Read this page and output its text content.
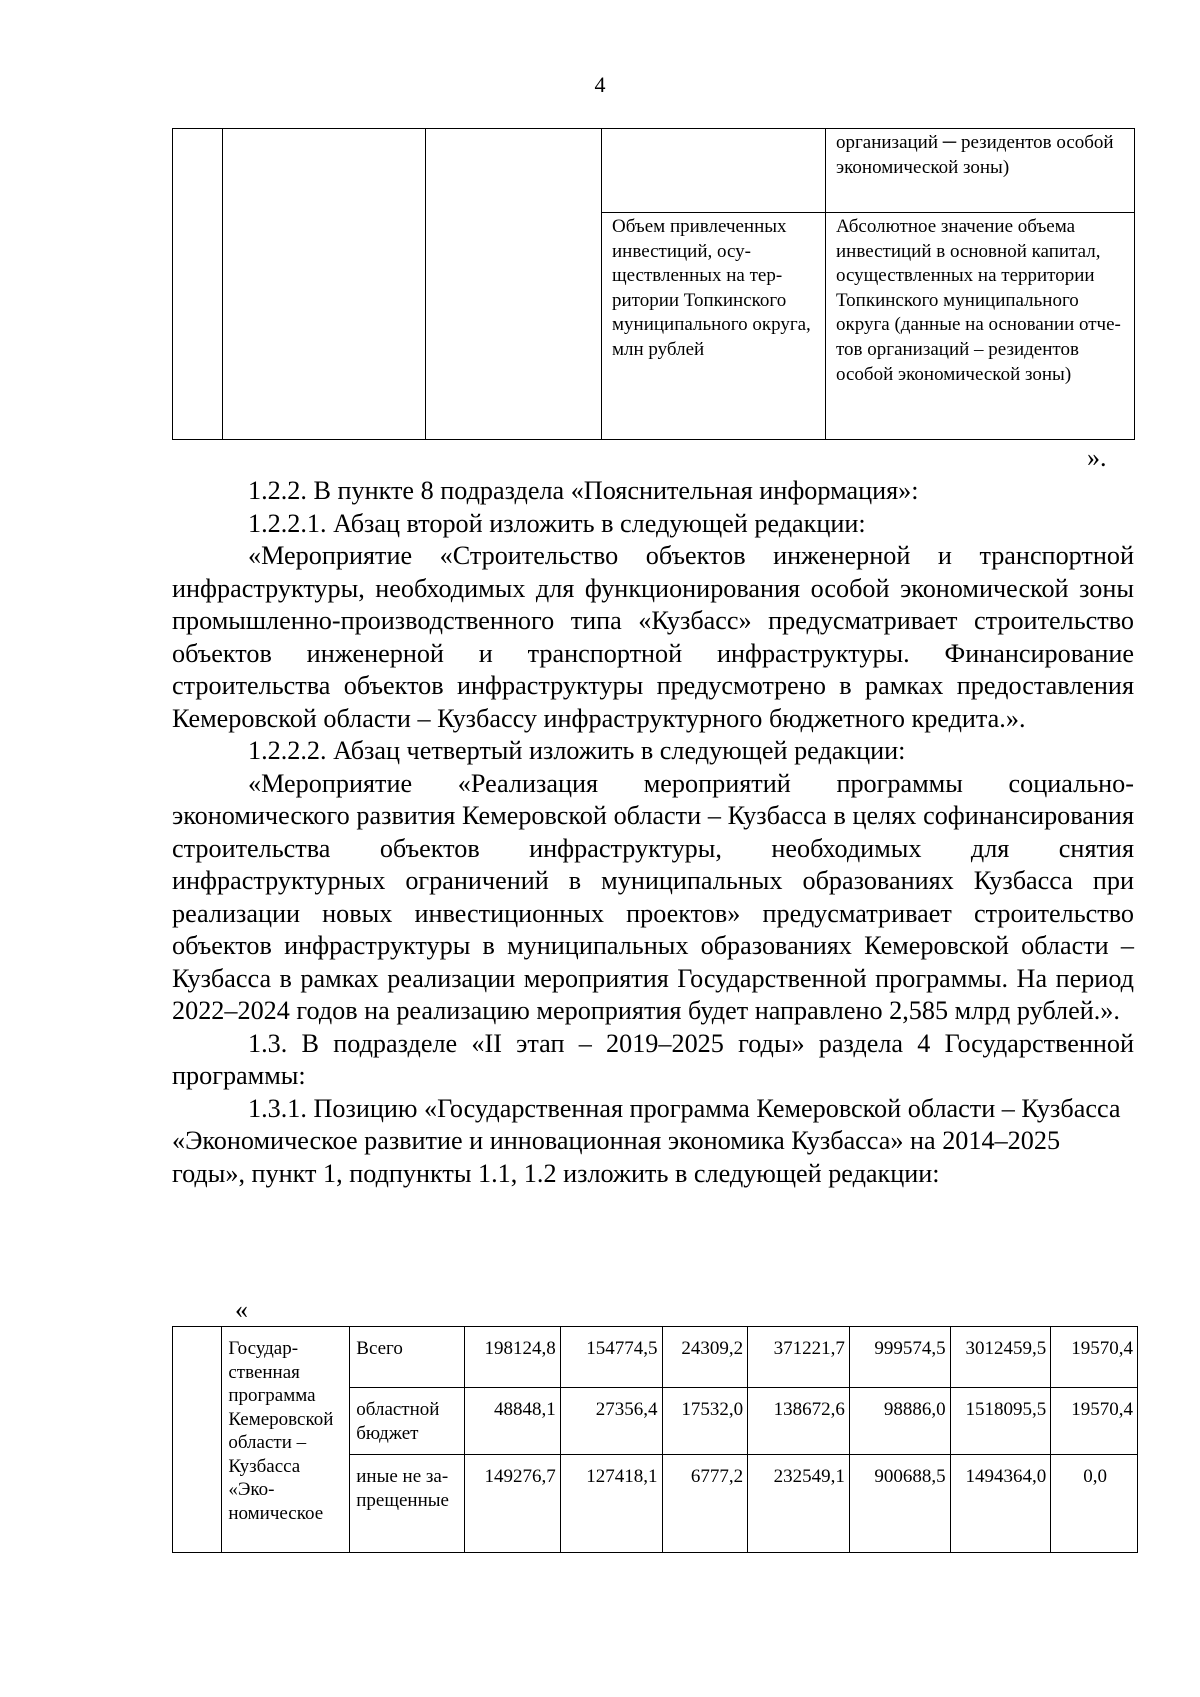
4
				организаций ─ резидентов особой экономической зоны)
			Объем привлеченных инвестиций, осуществленных на территории Топкинского муниципального округа, млн рублей	Абсолютное значение объема инвестиций в основной капитал, осуществленных на территории Топкинского муниципального округа (данные на основании отчетов организаций – резидентов особой экономической зоны)
».

1.2.2. В пункте 8 подраздела «Пояснительная информация»:

1.2.2.1. Абзац второй изложить в следующей редакции:

«Мероприятие «Строительство объектов инженерной и транспортной инфраструктуры, необходимых для функционирования особой экономической зоны промышленно-производственного типа «Кузбасс» предусматривает строительство объектов инженерной и транспортной инфраструктуры. Финансирование строительства объектов инфраструктуры предусмотрено в рамках предоставления Кемеровской области – Кузбассу инфраструктурного бюджетного кредита.».

1.2.2.2. Абзац четвертый изложить в следующей редакции:

«Мероприятие «Реализация мероприятий программы социально-экономического развития Кемеровской области – Кузбасса в целях софинансирования строительства объектов инфраструктуры, необходимых для снятия инфраструктурных ограничений в муниципальных образованиях Кузбасса при реализации новых инвестиционных проектов» предусматривает строительство объектов инфраструктуры в муниципальных образованиях Кемеровской области – Кузбасса в рамках реализации мероприятия Государственной программы. На период 2022–2024 годов на реализацию мероприятия будет направлено 2,585 млрд рублей.».

1.3. В подразделе «II этап – 2019–2025 годы» раздела 4 Государственной программы:

1.3.1. Позицию «Государственная программа Кемеровской области – Кузбасса «Экономическое развитие и инновационная экономика Кузбасса» на 2014–2025 годы», пункт 1, подпункты 1.1, 1.2 изложить в следующей редакции:

«
	Государственная программа Кемеровской области – Кузбасса «Экономическое	Всего	198124,8	154774,5	24309,2	371221,7	999574,5	3012459,5	19570,4
		областной бюджет	48848,1	27356,4	17532,0	138672,6	98886,0	1518095,5	19570,4
		иные не запрещенные	149276,7	127418,1	6777,2	232549,1	900688,5	1494364,0	0,0
